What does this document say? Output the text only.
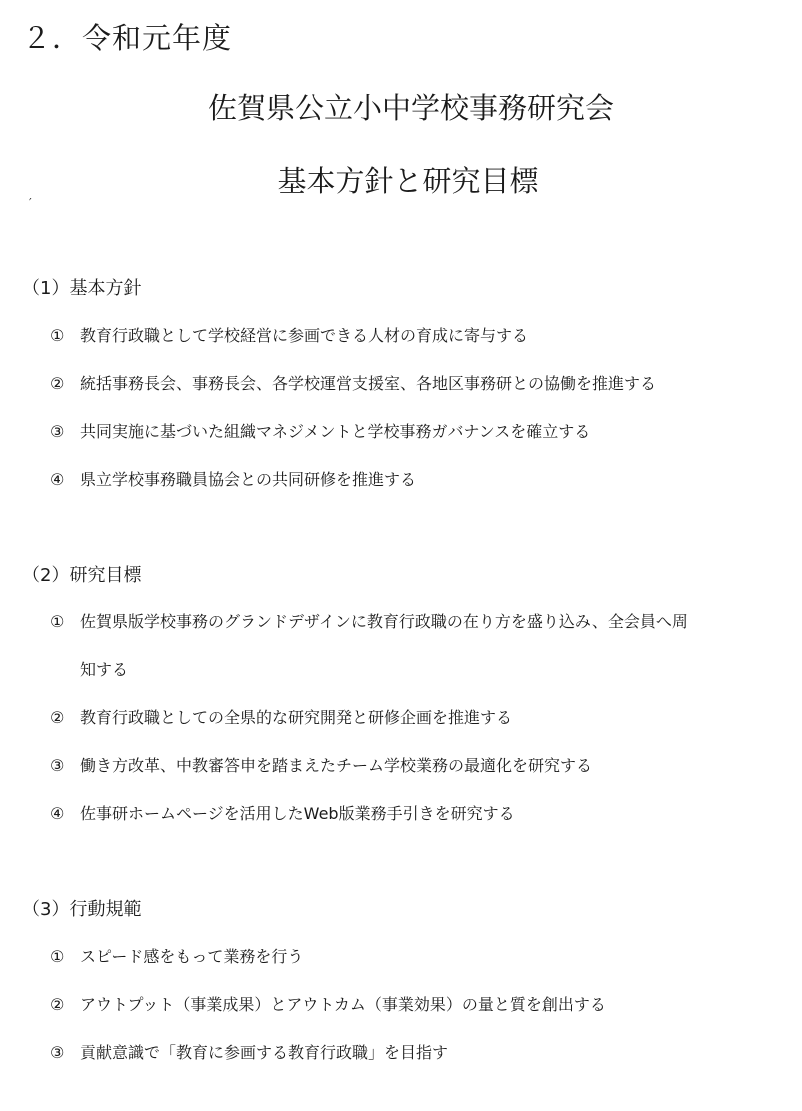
２．令和元年度
佐賀県公立小中学校事務研究会
基本方針と研究目標
′
（1）基本方針
① 教育行政職として学校経営に参画できる人材の育成に寄与する
② 統括事務長会、事務長会、各学校運営支援室、各地区事務研との協働を推進する
③ 共同実施に基づいた組織マネジメントと学校事務ガバナンスを確立する
④ 県立学校事務職員協会との共同研修を推進する
（2）研究目標
① 佐賀県版学校事務のグランドデザインに教育行政職の在り方を盛り込み、全会員へ周
知する
② 教育行政職としての全県的な研究開発と研修企画を推進する
③ 働き方改革、中教審答申を踏まえたチーム学校業務の最適化を研究する
④ 佐事研ホームページを活用したWeb版業務手引きを研究する
（3）行動規範
① スピード感をもって業務を行う
② アウトプット（事業成果）とアウトカム（事業効果）の量と質を創出する
③ 貢献意識で「教育に参画する教育行政職」を目指す
